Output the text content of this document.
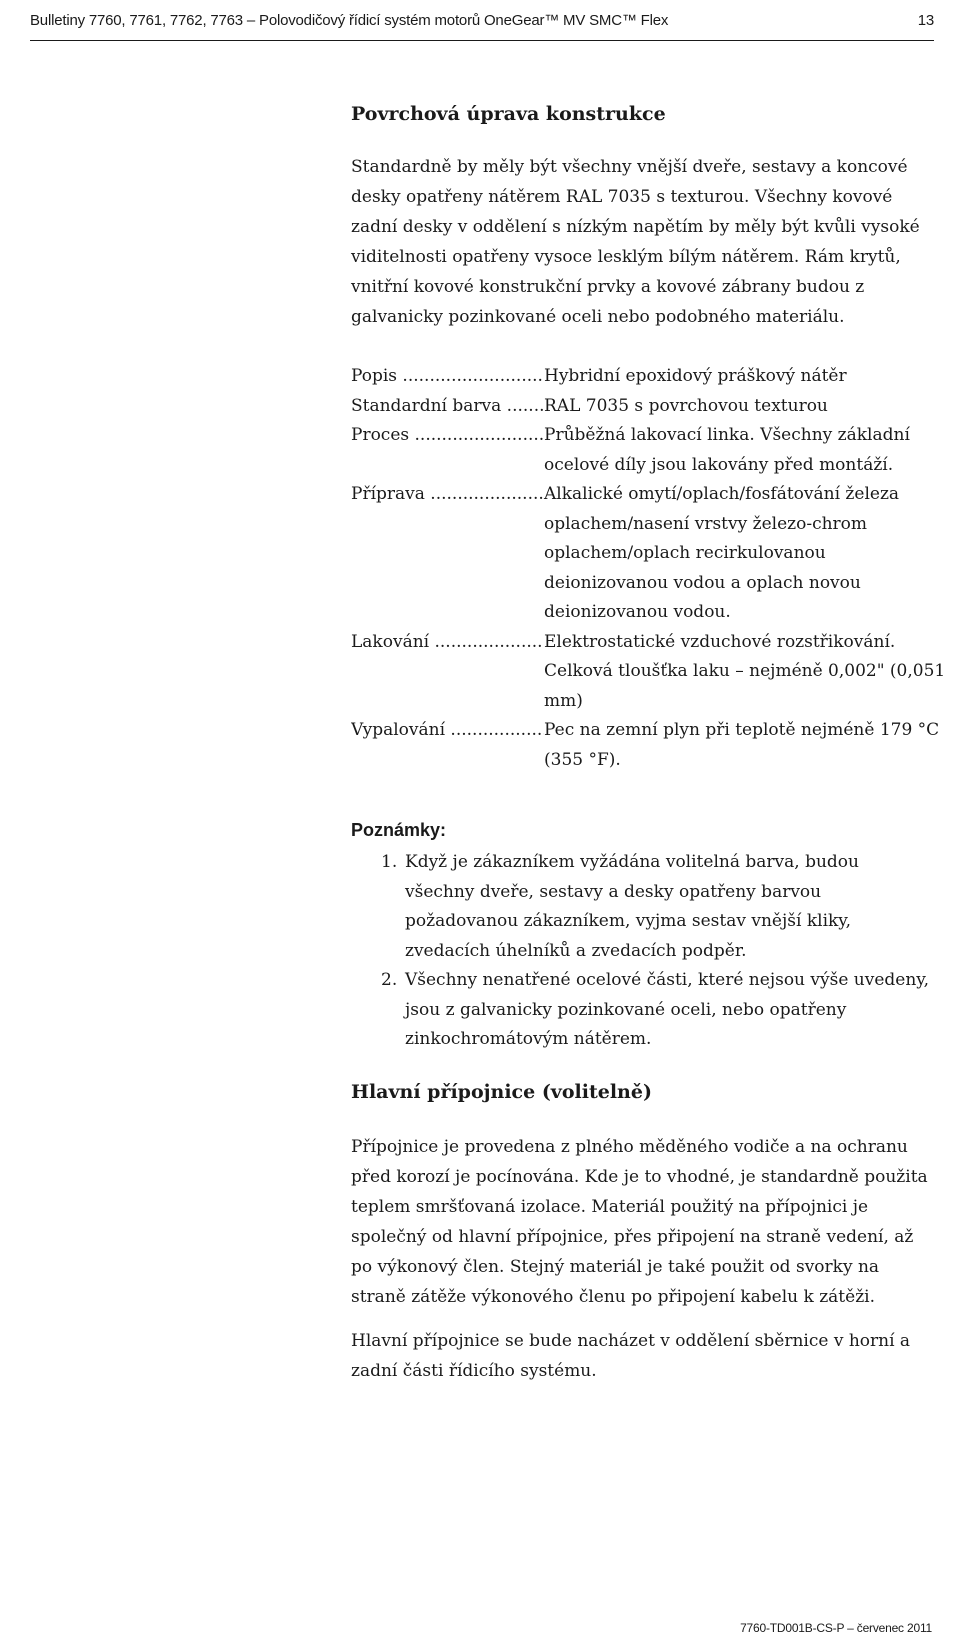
Bulletiny 7760, 7761, 7762, 7763 – Polovodičový řídicí systém motorů OneGear™ MV SMC™ Flex	13
Povrchová úprava konstrukce

Standardně by měly být všechny vnější dveře, sestavy a koncové desky opatřeny nátěrem RAL 7035 s texturou. Všechny kovové zadní desky v oddělení s nízkým napětím by měly být kvůli vysoké viditelnosti opatřeny vysoce lesklým bílým nátěrem. Rám krytů, vnitřní kovové konstrukční prvky a kovové zábrany budou z galvanicky pozinkované oceli nebo podobného materiálu.

Popis .....	Hybridní epoxidový práškový nátěr
Standardní barva .....	RAL 7035 s povrchovou texturou
Proces .....	Průběžná lakovací linka. Všechny základní ocelové díly jsou lakovány před montáží.
Příprava .....	Alkalické omytí/oplach/fosfátování železa oplachem/nasení vrstvy železo-chrom oplachem/oplach recirkulovanou deionizovanou vodou a oplach novou deionizovanou vodou.
Lakování .....	Elektrostatické vzduchové rozstřikování. Celková tloušťka laku – nejméně 0,002" (0,051 mm)
Vypalování .....	Pec na zemní plyn při teplotě nejméně 179 °C (355 °F).
Poznámky:
1. Když je zákazníkem vyžádána volitelná barva, budou všechny dveře, sestavy a desky opatřeny barvou požadovanou zákazníkem, vyjma sestav vnější kliky, zvedacích úhelníků a zvedacích podpěr.
2. Všechny nenatřené ocelové části, které nejsou výše uvedeny, jsou z galvanicky pozinkované oceli, nebo opatřeny zinkochromátovým nátěrem.
Hlavní přípojnice (volitelně)

Přípojnice je provedena z plného měděného vodiče a na ochranu před korozí je pocínována. Kde je to vhodné, je standardně použita teplem smršťovaná izolace. Materiál použitý na přípojnici je společný od hlavní přípojnice, přes připojení na straně vedení, až po výkonový člen. Stejný materiál je také použit od svorky na straně zátěže výkonového členu po připojení kabelu k zátěži.

Hlavní přípojnice se bude nacházet v oddělení sběrnice v horní a zadní části řídicího systému.

7760-TD001B-CS-P – červenec 2011
